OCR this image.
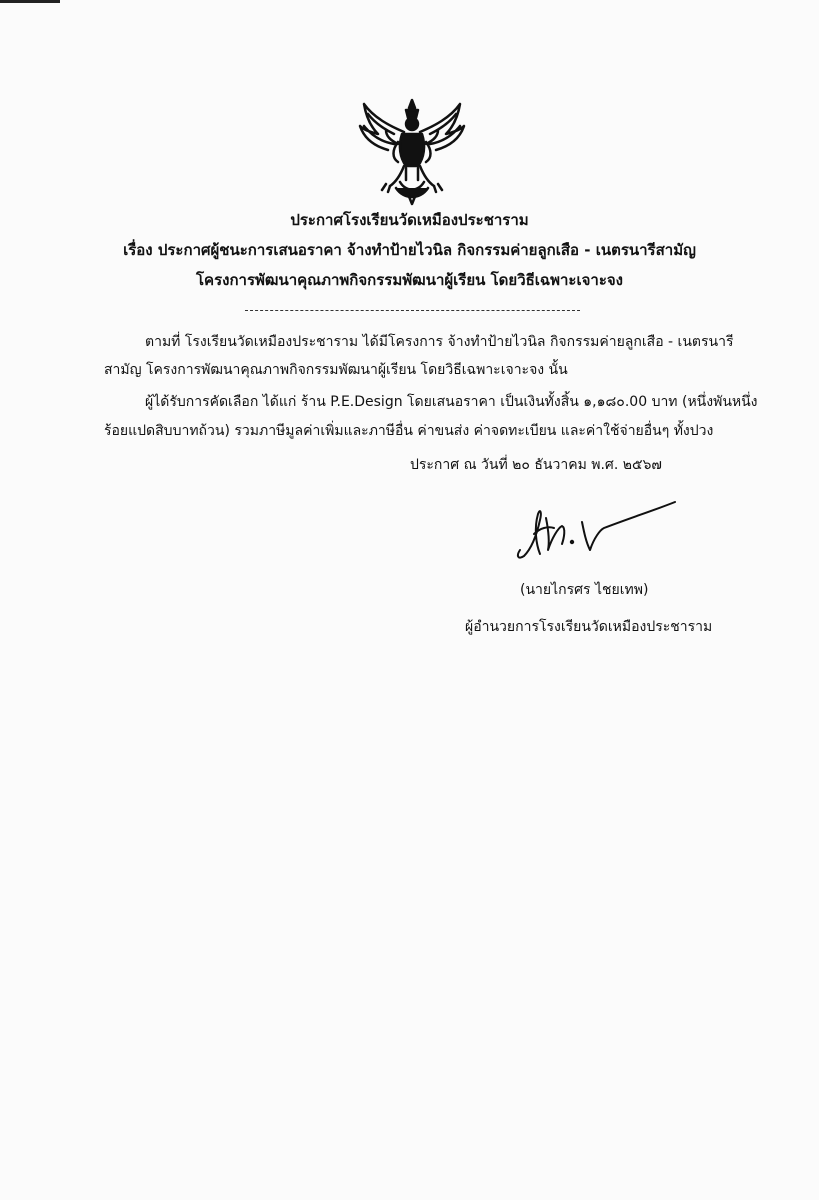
ประกาศโรงเรียนวัดเหมืองประชาราม
เรื่อง ประกาศผู้ชนะการเสนอราคา จ้างทำป้ายไวนิล กิจกรรมค่ายลูกเสือ - เนตรนารีสามัญ
โครงการพัฒนาคุณภาพกิจกรรมพัฒนาผู้เรียน โดยวิธีเฉพาะเจาะจง
ตามที่ โรงเรียนวัดเหมืองประชาราม ได้มีโครงการ จ้างทำป้ายไวนิล กิจกรรมค่ายลูกเสือ - เนตรนารี
สามัญ โครงการพัฒนาคุณภาพกิจกรรมพัฒนาผู้เรียน โดยวิธีเฉพาะเจาะจง นั้น
ผู้ได้รับการคัดเลือก ได้แก่ ร้าน P.E.Design โดยเสนอราคา เป็นเงินทั้งสิ้น ๑,๑๘๐.00 บาท (หนึ่งพันหนึ่ง
ร้อยแปดสิบบาทถ้วน) รวมภาษีมูลค่าเพิ่มและภาษีอื่น ค่าขนส่ง ค่าจดทะเบียน และค่าใช้จ่ายอื่นๆ ทั้งปวง
ประกาศ ณ วันที่ ๒๐ ธันวาคม พ.ศ. ๒๕๖๗
(นายไกรศร ไชยเทพ)
ผู้อำนวยการโรงเรียนวัดเหมืองประชาราม
